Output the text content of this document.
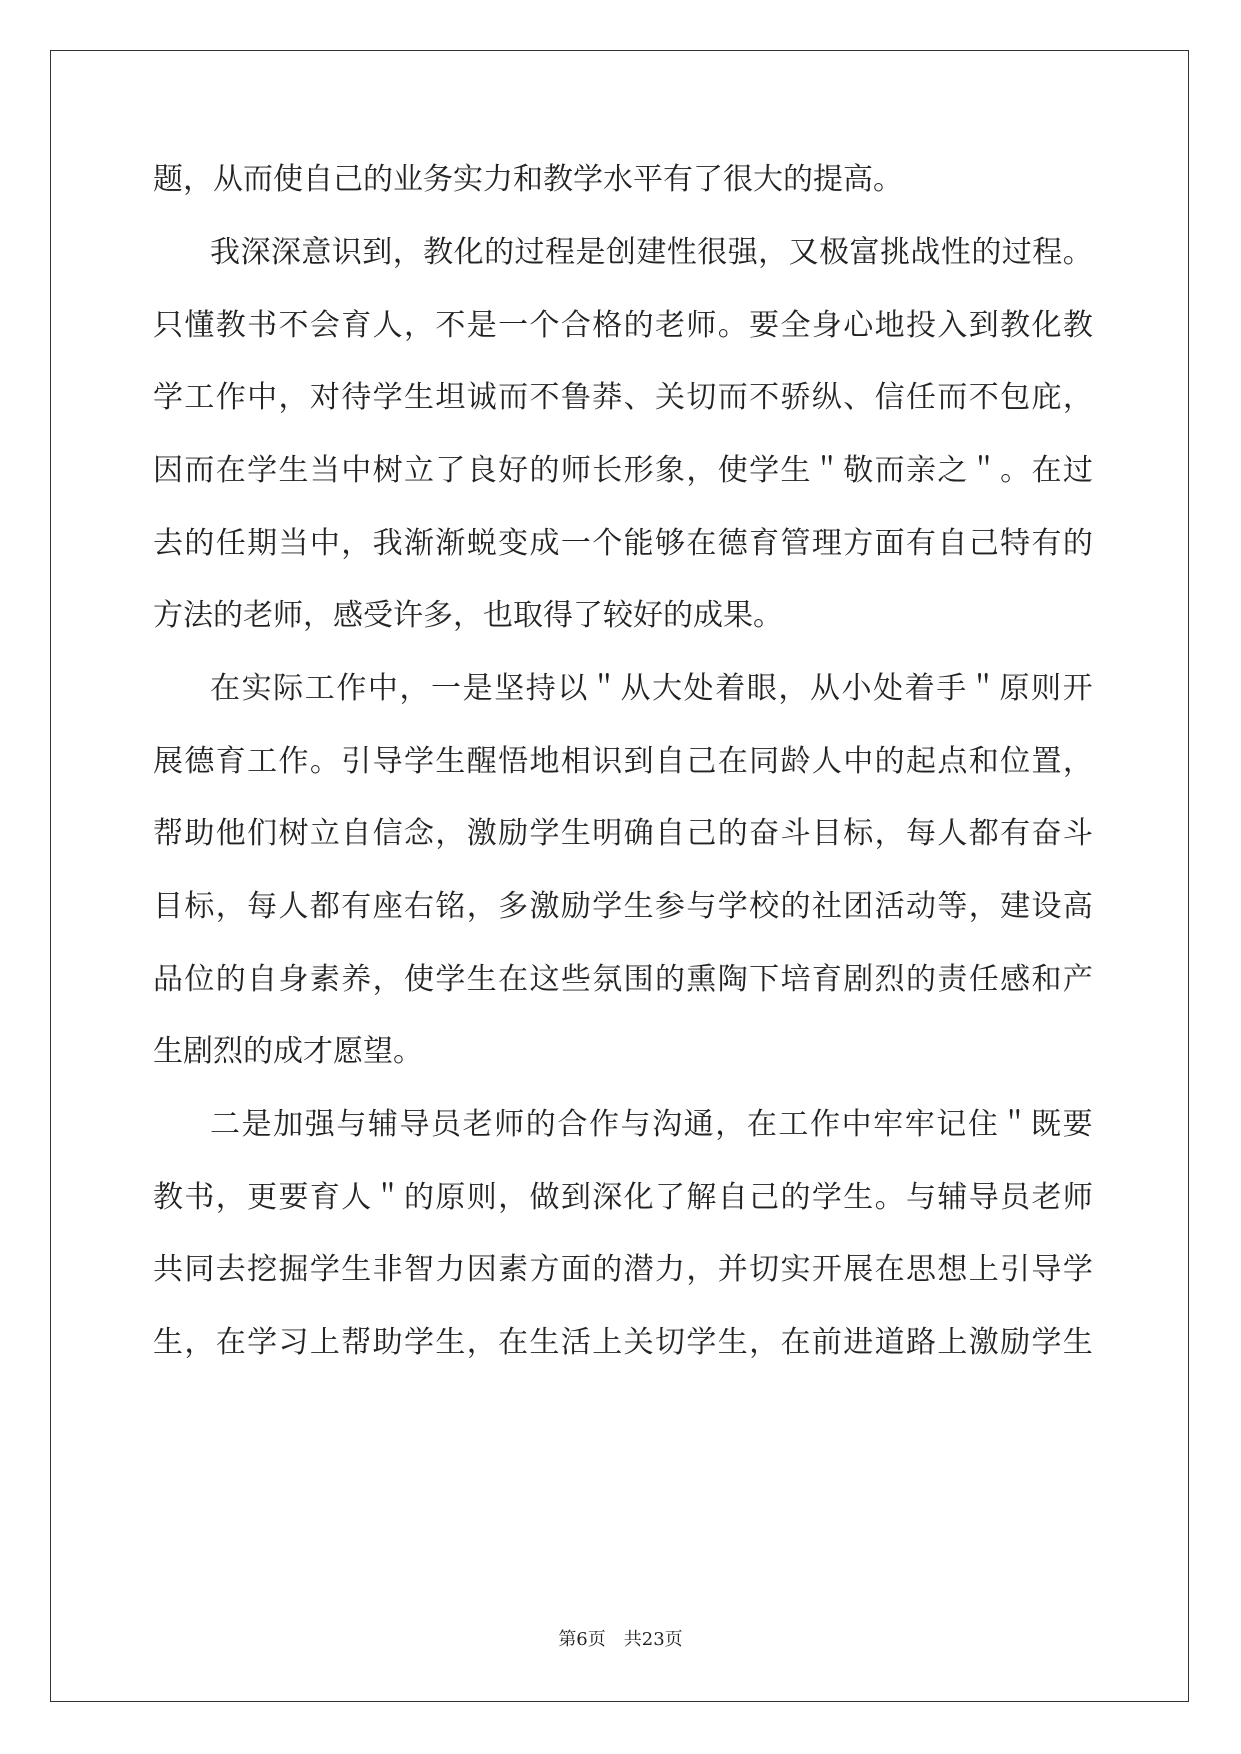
题 ， 从 而 使 自 己 的 业 务 实 力 和 教 学 水 平 有 了 很 大 的 提 高 。
我 深 深 意 识 到 ， 教 化 的 过 程 是 创 建 性 很 强 ， 又 极 富 挑 战 性 的 过 程 。
只 懂 教 书 不 会 育 人 ， 不 是 一 个 合 格 的 老 师 。 要 全 身 心 地 投 入 到 教 化 教
学 工 作 中 ， 对 待 学 生 坦 诚 而 不 鲁 莽 、 关 切 而 不 骄 纵 、 信 任 而 不 包 庇 ，
因 而 在 学 生 当 中 树 立 了 良 好 的 师 长 形 象 ， 使 学 生 ＂ 敬 而 亲 之 ＂ 。 在 过
去 的 任 期 当 中 ， 我 渐 渐 蜕 变 成 一 个 能 够 在 德 育 管 理 方 面 有 自 己 特 有 的
方 法 的 老 师 ， 感 受 许 多 ， 也 取 得 了 较 好 的 成 果 。
在 实 际 工 作 中 ， 一 是 坚 持 以 ＂ 从 大 处 着 眼 ， 从 小 处 着 手 ＂ 原 则 开
展 德 育 工 作 。 引 导 学 生 醒 悟 地 相 识 到 自 己 在 同 龄 人 中 的 起 点 和 位 置 ，
帮 助 他 们 树 立 自 信 念 ， 激 励 学 生 明 确 自 己 的 奋 斗 目 标 ， 每 人 都 有 奋 斗
目 标 ， 每 人 都 有 座 右 铭 ， 多 激 励 学 生 参 与 学 校 的 社 团 活 动 等 ， 建 设 高
品 位 的 自 身 素 养 ， 使 学 生 在 这 些 氛 围 的 熏 陶 下 培 育 剧 烈 的 责 任 感 和 产
生 剧 烈 的 成 才 愿 望 。
二 是 加 强 与 辅 导 员 老 师 的 合 作 与 沟 通 ， 在 工 作 中 牢 牢 记 住 ＂ 既 要
教 书 ， 更 要 育 人 ＂ 的 原 则 ， 做 到 深 化 了 解 自 己 的 学 生 。 与 辅 导 员 老 师
共 同 去 挖 掘 学 生 非 智 力 因 素 方 面 的 潜 力 ， 并 切 实 开 展 在 思 想 上 引 导 学
生 ， 在 学 习 上 帮 助 学 生 ， 在 生 活 上 关 切 学 生 ， 在 前 进 道 路 上 激 励 学 生
第6页　共23页
